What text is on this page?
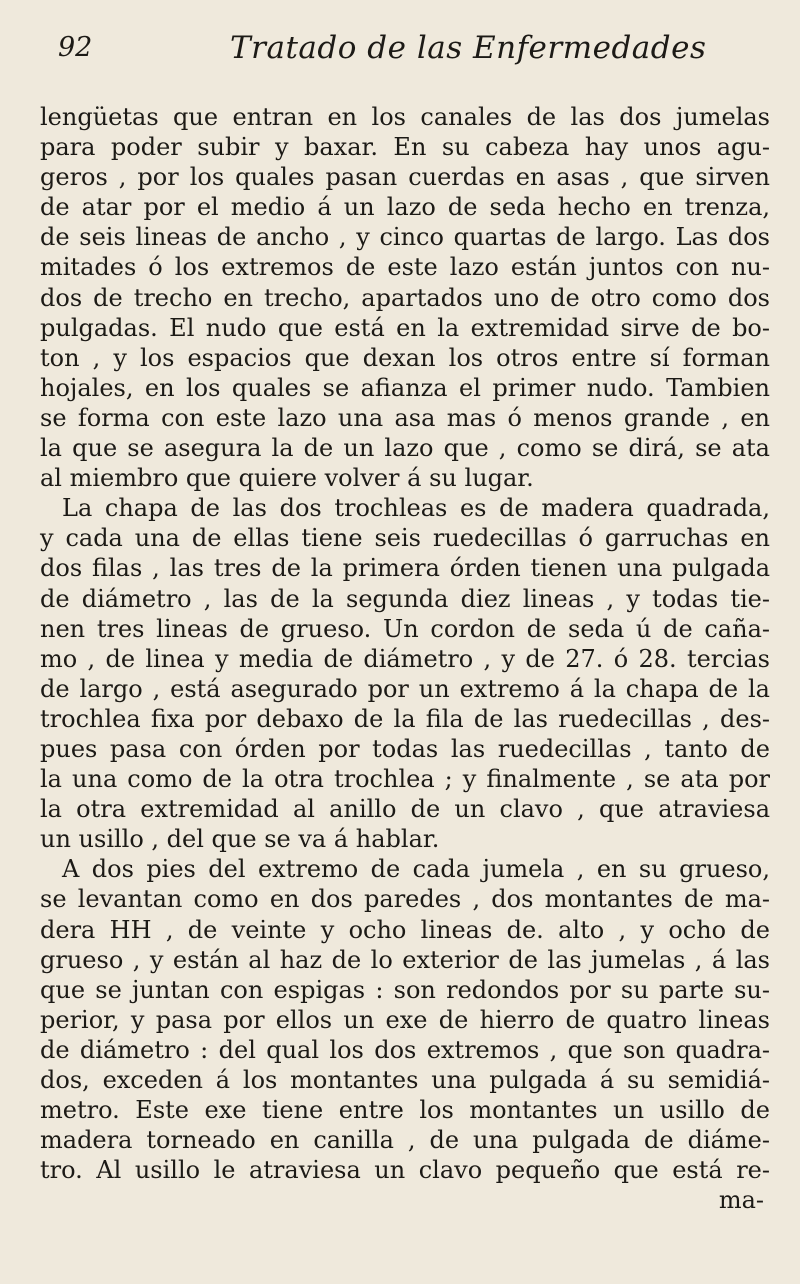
92	Tratado de las Enfermedades
lengüetas que entran en los canales de las dos jumelas
para poder subir y baxar. En su cabeza hay unos agu-
geros , por los quales pasan cuerdas en asas , que sirven
de atar por el medio á un lazo de seda hecho en trenza,
de seis lineas de ancho , y cinco quartas de largo. Las dos
mitades ó los extremos de este lazo están juntos con nu-
dos de trecho en trecho, apartados uno de otro como dos
pulgadas. El nudo que está en la extremidad sirve de bo-
ton , y los espacios que dexan los otros entre sí forman
hojales, en los quales se afianza el primer nudo. Tambien
se forma con este lazo una asa mas ó menos grande , en
la que se asegura la de un lazo que , como se dirá, se ata
al miembro que quiere volver á su lugar.
La chapa de las dos trochleas es de madera quadrada,
y cada una de ellas tiene seis ruedecillas ó garruchas en
dos filas , las tres de la primera órden tienen una pulgada
de diámetro , las de la segunda diez lineas , y todas tie-
nen tres lineas de grueso. Un cordon de seda ú de caña-
mo , de linea y media de diámetro , y de 27. ó 28. tercias
de largo , está asegurado por un extremo á la chapa de la
trochlea fixa por debaxo de la fila de las ruedecillas , des-
pues pasa con órden por todas las ruedecillas , tanto de
la una como de la otra trochlea ; y finalmente , se ata por
la otra extremidad al anillo de un clavo , que atraviesa
un usillo , del que se va á hablar.
A dos pies del extremo de cada jumela , en su grueso,
se levantan como en dos paredes , dos montantes de ma-
dera HH , de veinte y ocho lineas de. alto , y ocho de
grueso , y están al haz de lo exterior de las jumelas , á las
que se juntan con espigas : son redondos por su parte su-
perior, y pasa por ellos un exe de hierro de quatro lineas
de diámetro : del qual los dos extremos , que son quadra-
dos, exceden á los montantes una pulgada á su semidiá-
metro. Este exe tiene entre los montantes un usillo de
madera torneado en canilla , de una pulgada de diáme-
tro. Al usillo le atraviesa un clavo pequeño que está re-
ma-
